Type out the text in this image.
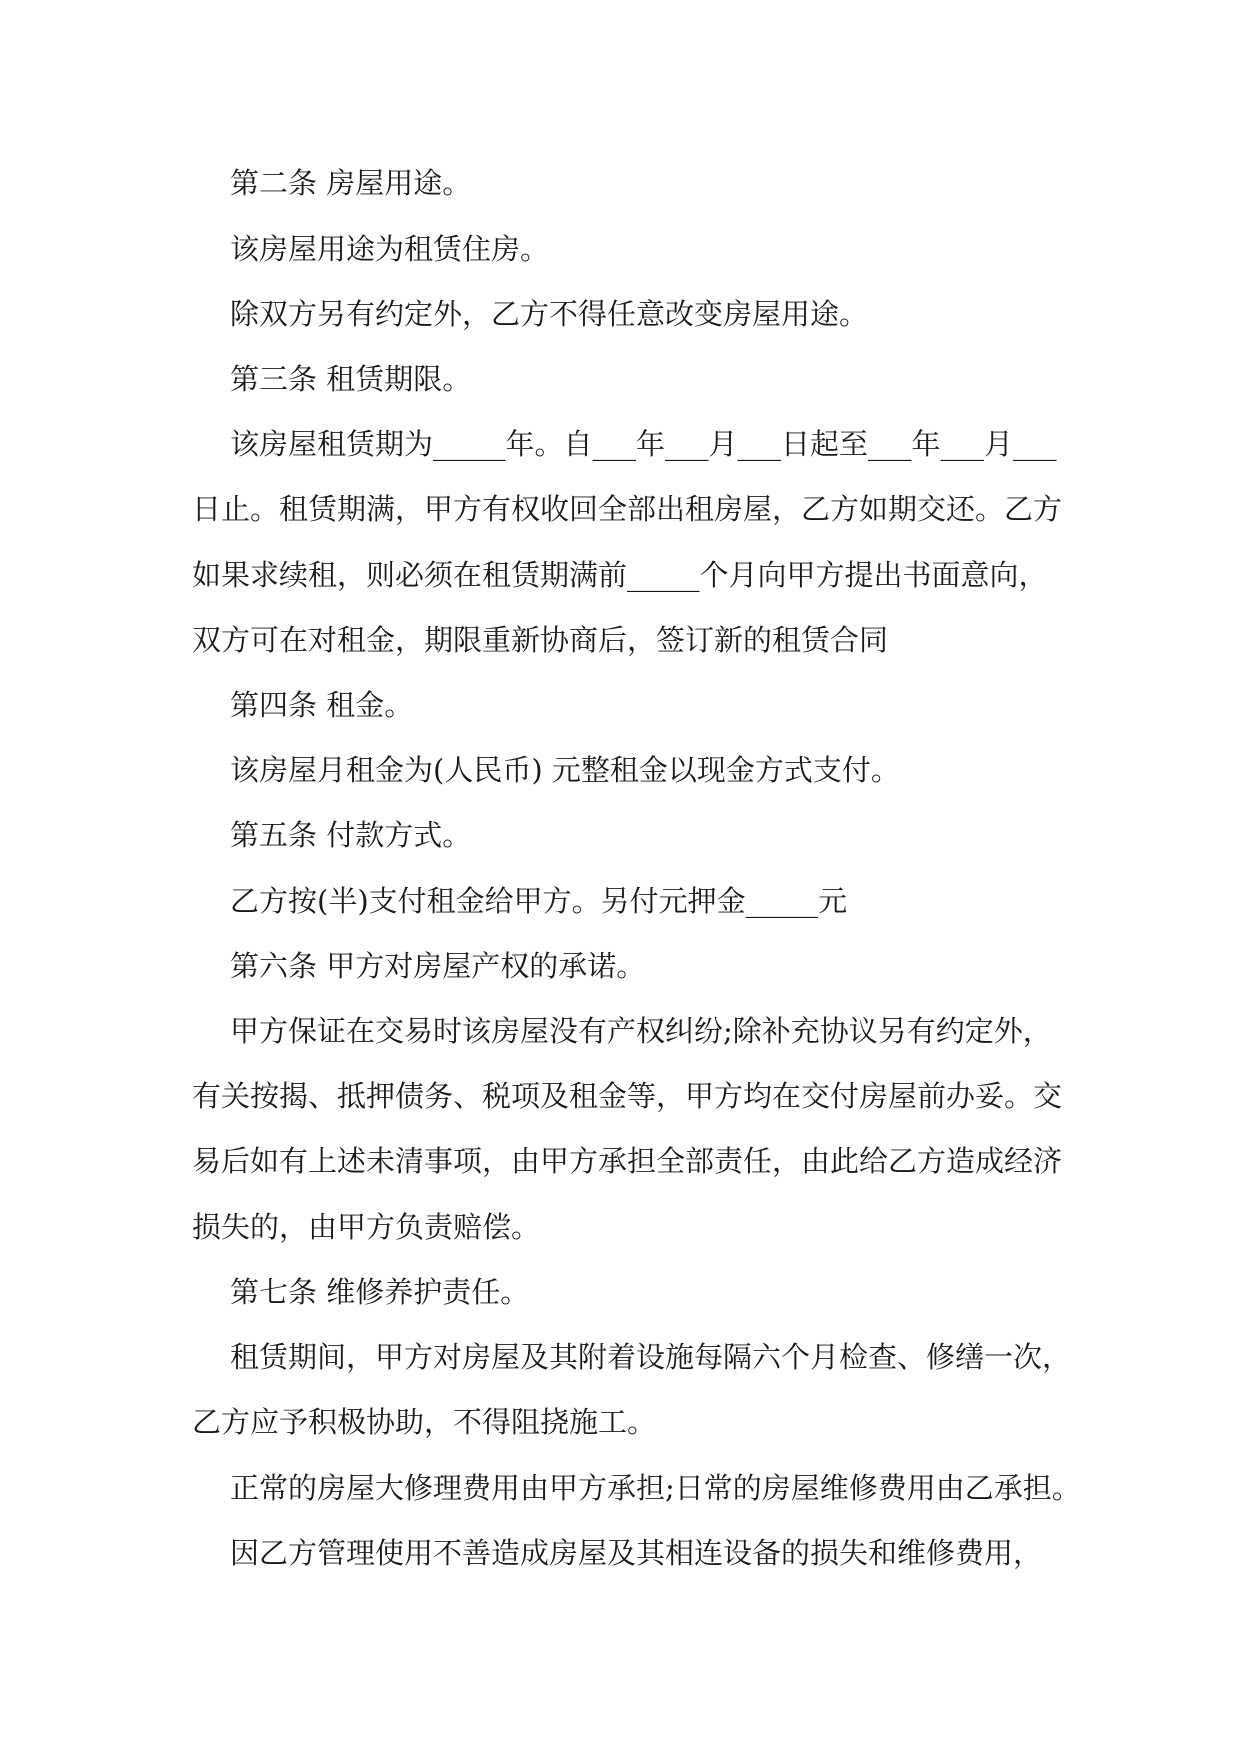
第二条 房屋用途。

该房屋用途为租赁住房。

除双方另有约定外，乙方不得任意改变房屋用途。

第三条 租赁期限。

该房屋租赁期为_____年。自___年___月___日起至___年___月___

日止。租赁期满，甲方有权收回全部出租房屋，乙方如期交还。乙方

如果求续租，则必须在租赁期满前_____个月向甲方提出书面意向，

双方可在对租金，期限重新协商后，签订新的租赁合同

第四条 租金。

该房屋月租金为(人民币) 元整租金以现金方式支付。

第五条 付款方式。

乙方按(半)支付租金给甲方。另付元押金_____元

第六条 甲方对房屋产权的承诺。

甲方保证在交易时该房屋没有产权纠纷;除补充协议另有约定外，

有关按揭、抵押债务、税项及租金等，甲方均在交付房屋前办妥。交

易后如有上述未清事项，由甲方承担全部责任，由此给乙方造成经济

损失的，由甲方负责赔偿。

第七条 维修养护责任。

租赁期间，甲方对房屋及其附着设施每隔六个月检查、修缮一次，

乙方应予积极协助，不得阻挠施工。

正常的房屋大修理费用由甲方承担;日常的房屋维修费用由乙承担。

因乙方管理使用不善造成房屋及其相连设备的损失和维修费用，
